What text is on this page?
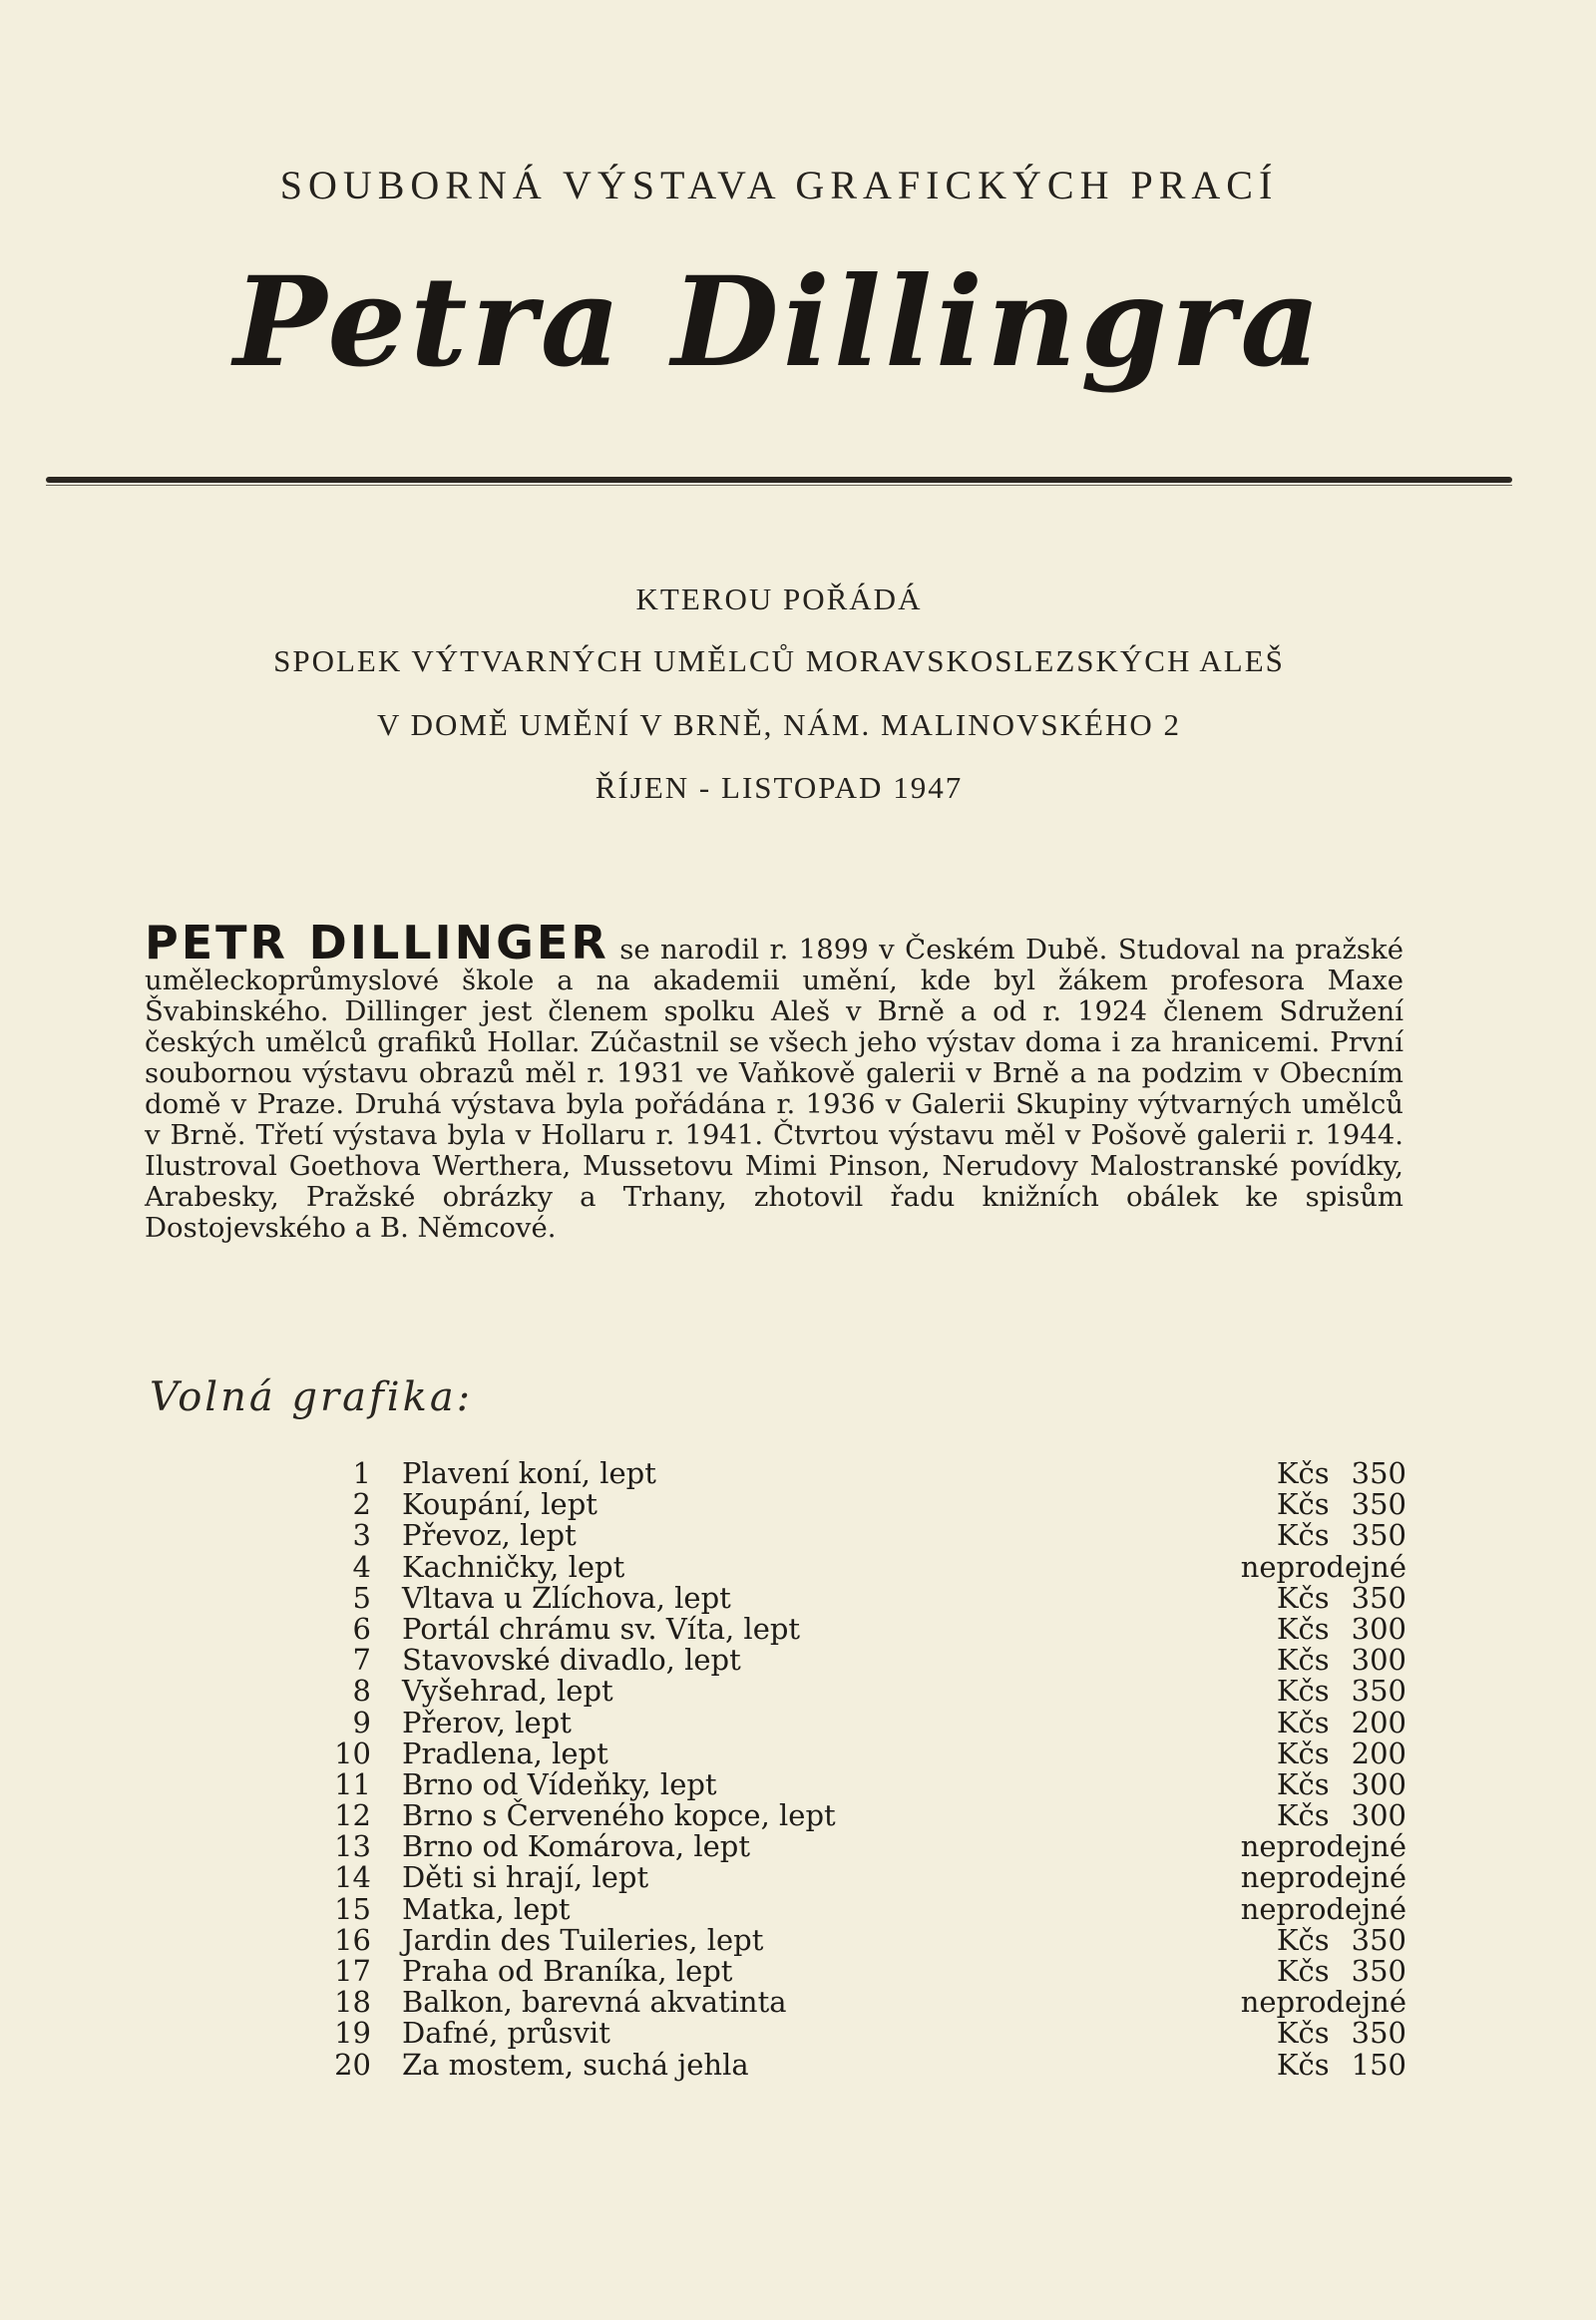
SOUBORNÁ VÝSTAVA GRAFICKÝCH PRACÍ
Petra Dillingra
KTEROU POŘÁDÁ
SPOLEK VÝTVARNÝCH UMĚLCŮ MORAVSKOSLEZSKÝCH ALEŠ
V DOMĚ UMĚNÍ V BRNĚ, NÁM. MALINOVSKÉHO 2
ŘÍJEN - LISTOPAD 1947
PETR DILLINGER se narodil r. 1899 v Českém Dubě. Studoval na pražské uměleckoprůmyslové škole a na akademii umění, kde byl žákem profesora Maxe Švabinského. Dillinger jest členem spolku Aleš v Brně a od r. 1924 členem Sdružení českých umělců grafiků Hollar. Zúčastnil se všech jeho výstav doma i za hranicemi. První soubornou výstavu obrazů měl r. 1931 ve Vaňkově galerii v Brně a na podzim v Obecním domě v Praze. Druhá výstava byla pořádána r. 1936 v Galerii Skupiny výtvarných umělců v Brně. Třetí výstava byla v Hollaru r. 1941. Čtvrtou výstavu měl v Pošově galerii r. 1944. Ilustroval Goethova Werthera, Mussetovu Mimi Pinson, Nerudovy Malostranské povídky, Arabesky, Pražské obrázky a Trhany, zhotovil řadu knižních obálek ke spisům Dostojevského a B. Němcové.
Volná grafika:
1 Plavení koní, lept	Kčs 350
2 Koupání, lept	Kčs 350
3 Převoz, lept	Kčs 350
4 Kachničky, lept	neprodejné
5 Vltava u Zlíchova, lept	Kčs 350
6 Portál chrámu sv. Víta, lept	Kčs 300
7 Stavovské divadlo, lept	Kčs 300
8 Vyšehrad, lept	Kčs 350
9 Přerov, lept	Kčs 200
10 Pradlena, lept	Kčs 200
11 Brno od Vídeňky, lept	Kčs 300
12 Brno s Červeného kopce, lept	Kčs 300
13 Brno od Komárova, lept	neprodejné
14 Děti si hrají, lept	neprodejné
15 Matka, lept	neprodejné
16 Jardin des Tuileries, lept	Kčs 350
17 Praha od Braníka, lept	Kčs 350
18 Balkon, barevná akvatinta	neprodejné
19 Dafné, průsvit	Kčs 350
20 Za mostem, suchá jehla	Kčs 150
